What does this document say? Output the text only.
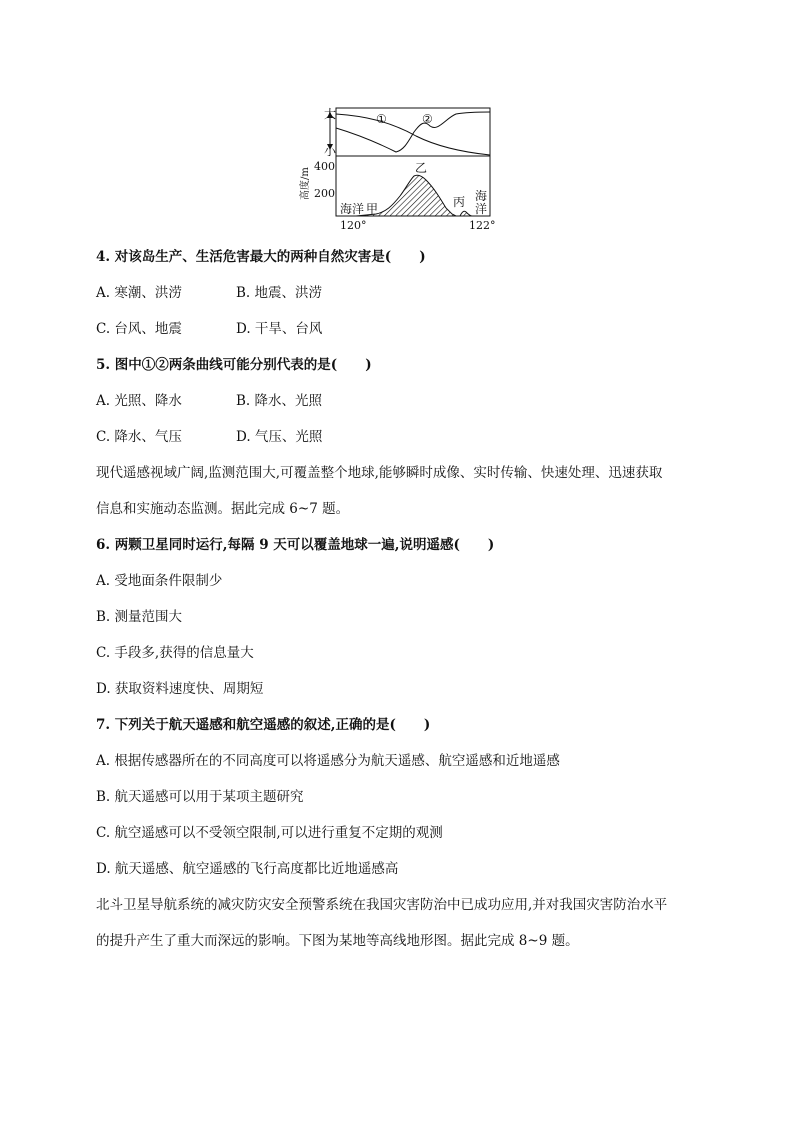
大
小
①	②
高度/m
400
200
乙
丙
甲
海洋
海
洋
120°	122°
4. 对该岛生产、生活危害最大的两种自然灾害是( )
A. 寒潮、洪涝	B. 地震、洪涝
C. 台风、地震	D. 干旱、台风
5. 图中①②两条曲线可能分别代表的是( )
A. 光照、降水	B. 降水、光照
C. 降水、气压	D. 气压、光照
现代遥感视域广阔,监测范围大,可覆盖整个地球,能够瞬时成像、实时传输、快速处理、迅速获取
信息和实施动态监测。据此完成 6~7 题。
6. 两颗卫星同时运行,每隔 9 天可以覆盖地球一遍,说明遥感( )
A. 受地面条件限制少
B. 测量范围大
C. 手段多,获得的信息量大
D. 获取资料速度快、周期短
7. 下列关于航天遥感和航空遥感的叙述,正确的是( )
A. 根据传感器所在的不同高度可以将遥感分为航天遥感、航空遥感和近地遥感
B. 航天遥感可以用于某项主题研究
C. 航空遥感可以不受领空限制,可以进行重复不定期的观测
D. 航天遥感、航空遥感的飞行高度都比近地遥感高
北斗卫星导航系统的减灾防灾安全预警系统在我国灾害防治中已成功应用,并对我国灾害防治水平
的提升产生了重大而深远的影响。下图为某地等高线地形图。据此完成 8~9 题。
